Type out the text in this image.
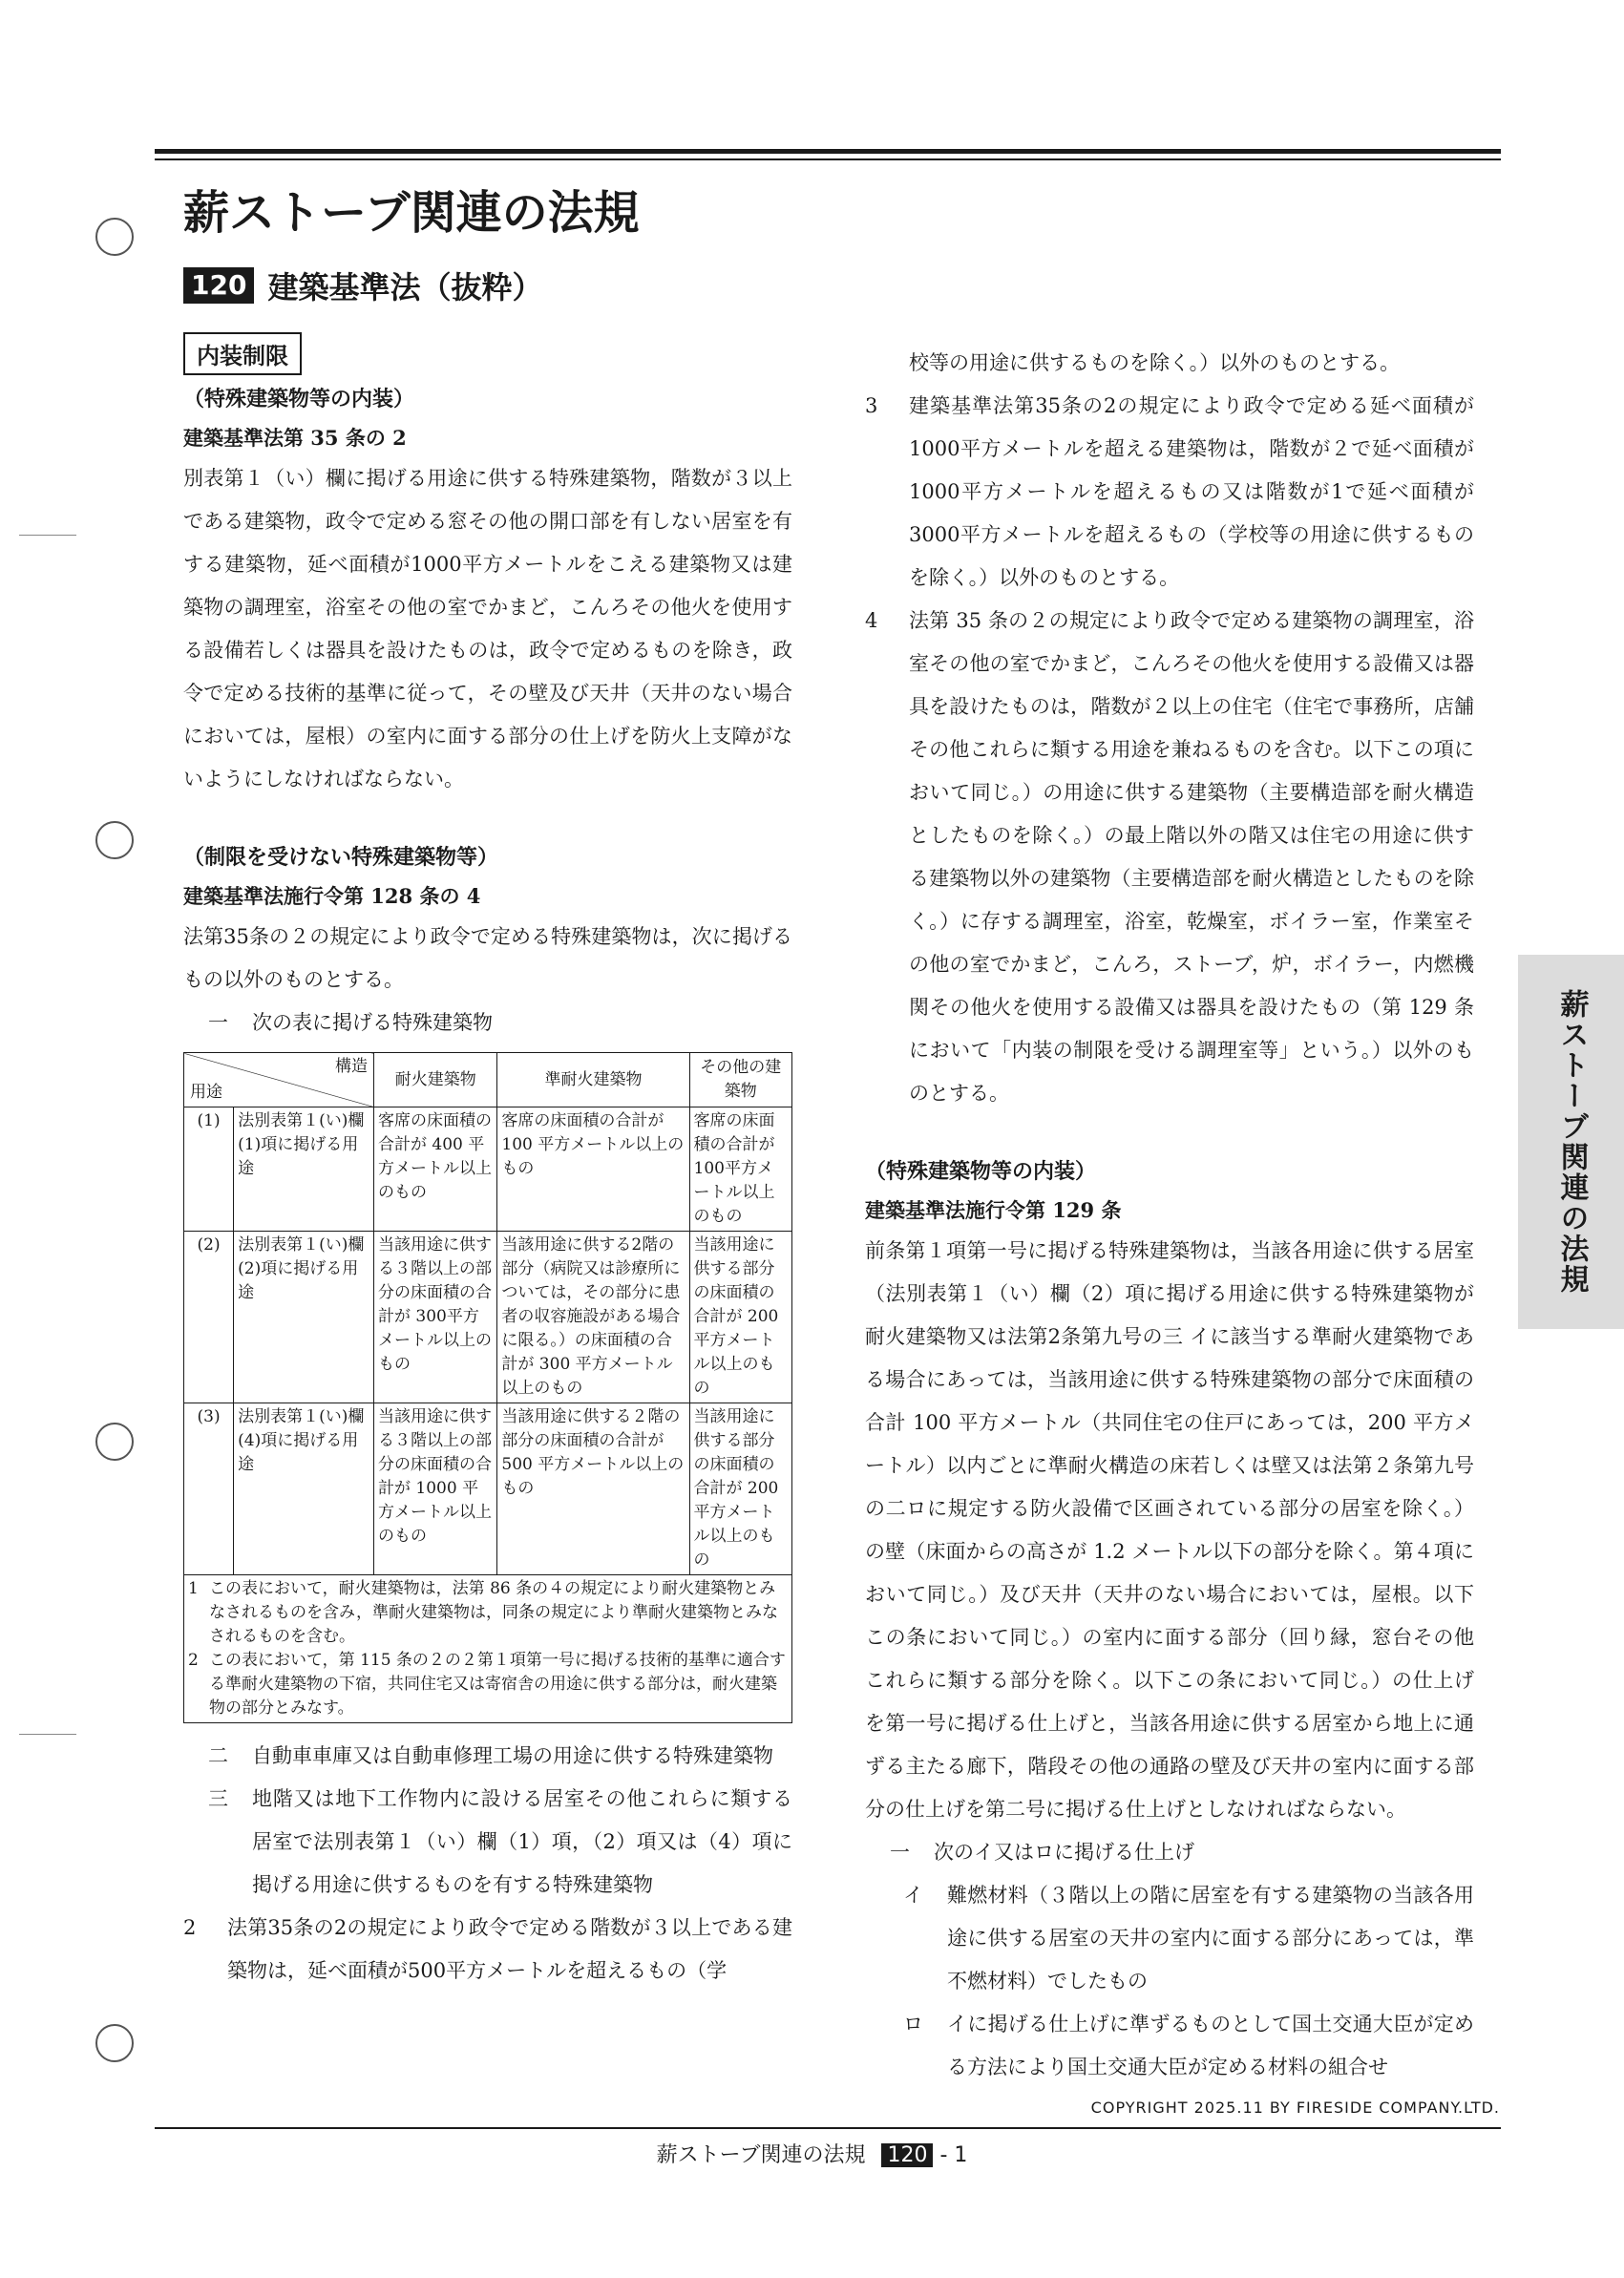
薪ストーブ関連の法規
120 建築基準法（抜粋）
内装制限
（特殊建築物等の内装）
建築基準法第 35 条の 2

別表第１（い）欄に掲げる用途に供する特殊建築物，階数が３以上である建築物，政令で定める窓その他の開口部を有しない居室を有する建築物，延べ面積が1000平方メートルをこえる建築物又は建築物の調理室，浴室その他の室でかまど，こんろその他火を使用する設備若しくは器具を設けたものは，政令で定めるものを除き，政令で定める技術的基準に従って，その壁及び天井（天井のない場合においては，屋根）の室内に面する部分の仕上げを防火上支障がないようにしなければならない。

（制限を受けない特殊建築物等）
建築基準法施行令第 128 条の 4

法第35条の２の規定により政令で定める特殊建築物は，次に掲げるもの以外のものとする。

一	次の表に掲げる特殊建築物
構造
用途		耐火建築物	準耐火建築物	その他の建築物
(1)	法別表第１(い)欄(1)項に掲げる用途	客席の床面積の合計が 400 平方メートル以上のもの	客席の床面積の合計が 100 平方メートル以上のもの	客席の床面積の合計が 100平方メートル以上のもの
(2)	法別表第１(い)欄(2)項に掲げる用途	当該用途に供する３階以上の部分の床面積の合計が 300平方メートル以上のもの	当該用途に供する2階の部分（病院又は診療所については，その部分に患者の収容施設がある場合に限る。）の床面積の合計が 300 平方メートル以上のもの	当該用途に供する部分の床面積の合計が 200 平方メートル以上のもの
(3)	法別表第１(い)欄(4)項に掲げる用途	当該用途に供する３階以上の部分の床面積の合計が 1000 平方メートル以上のもの	当該用途に供する２階の部分の床面積の合計が 500 平方メートル以上のもの	当該用途に供する部分の床面積の合計が 200 平方メートル以上のもの

1 この表において，耐火建築物は，法第 86 条の４の規定により耐火建築物とみなされるものを含み，準耐火建築物は，同条の規定により準耐火建築物とみなされるものを含む。
2 この表において，第 115 条の２の２第１項第一号に掲げる技術的基準に適合する準耐火建築物の下宿，共同住宅又は寄宿舎の用途に供する部分は，耐火建築物の部分とみなす。				
二	自動車車庫又は自動車修理工場の用途に供する特殊建築物
三	地階又は地下工作物内に設ける居室その他これらに類する居室で法別表第１（い）欄（1）項，（2）項又は（4）項に掲げる用途に供するものを有する特殊建築物
2	法第35条の2の規定により政令で定める階数が３以上である建築物は，延べ面積が500平方メートルを超えるもの（学
校等の用途に供するものを除く。）以外のものとする。
3	建築基準法第35条の2の規定により政令で定める延べ面積が1000平方メートルを超える建築物は，階数が２で延べ面積が1000平方メートルを超えるもの又は階数が1で延べ面積が3000平方メートルを超えるもの（学校等の用途に供するものを除く。）以外のものとする。
4	法第 35 条の２の規定により政令で定める建築物の調理室，浴室その他の室でかまど，こんろその他火を使用する設備又は器具を設けたものは，階数が２以上の住宅（住宅で事務所，店舗その他これらに類する用途を兼ねるものを含む。以下この項において同じ。）の用途に供する建築物（主要構造部を耐火構造としたものを除く。）の最上階以外の階又は住宅の用途に供する建築物以外の建築物（主要構造部を耐火構造としたものを除く。）に存する調理室，浴室，乾燥室，ボイラー室，作業室その他の室でかまど，こんろ，ストーブ，炉，ボイラー，内燃機関その他火を使用する設備又は器具を設けたもの（第 129 条において「内装の制限を受ける調理室等」という。）以外のものとする。
（特殊建築物等の内装）
建築基準法施行令第 129 条

前条第１項第一号に掲げる特殊建築物は，当該各用途に供する居室（法別表第１（い）欄（2）項に掲げる用途に供する特殊建築物が耐火建築物又は法第2条第九号の三 イに該当する準耐火建築物である場合にあっては，当該用途に供する特殊建築物の部分で床面積の合計 100 平方メートル（共同住宅の住戸にあっては，200 平方メートル）以内ごとに準耐火構造の床若しくは壁又は法第２条第九号の二ロに規定する防火設備で区画されている部分の居室を除く。）の壁（床面からの高さが 1.2 メートル以下の部分を除く。第４項において同じ。）及び天井（天井のない場合においては，屋根。以下この条において同じ。）の室内に面する部分（回り縁，窓台その他これらに類する部分を除く。以下この条において同じ。）の仕上げを第一号に掲げる仕上げと，当該各用途に供する居室から地上に通ずる主たる廊下，階段その他の通路の壁及び天井の室内に面する部分の仕上げを第二号に掲げる仕上げとしなければならない。

一	次のイ又はロに掲げる仕上げ
イ	難燃材料（３階以上の階に居室を有する建築物の当該各用途に供する居室の天井の室内に面する部分にあっては，準不燃材料）でしたもの
ロ	イに掲げる仕上げに準ずるものとして国土交通大臣が定める方法により国土交通大臣が定める材料の組合せ
薪ストーブ関連の法規
COPYRIGHT 2025.11 BY FIRESIDE COMPANY.LTD.
薪ストーブ関連の法規 120 - 1
